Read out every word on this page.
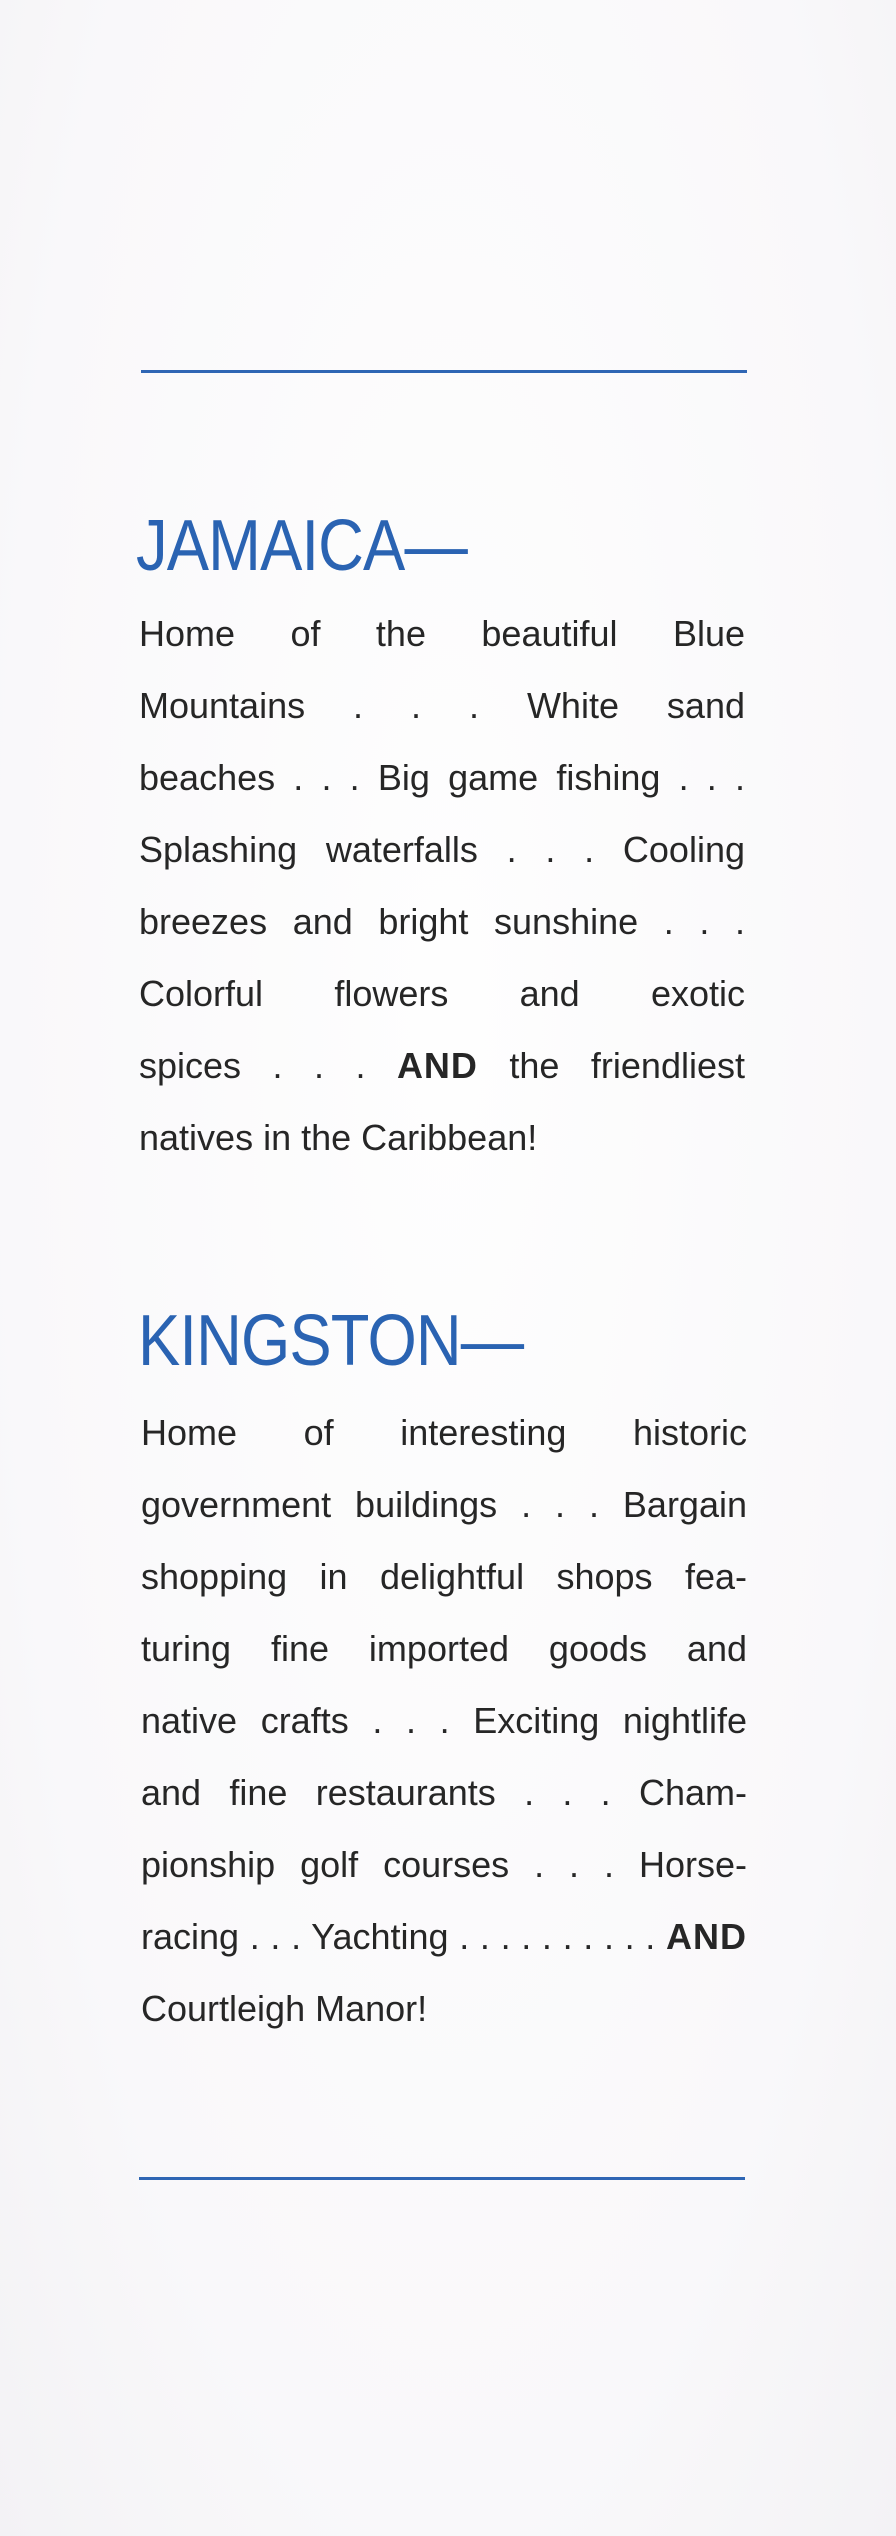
JAMAICA—
Home of the beautiful Blue
Mountains . . . White sand
beaches . . . Big game fishing . . .
Splashing waterfalls . . . Cooling
breezes and bright sunshine . . .
Colorful flowers and exotic
spices . . . AND the friendliest
natives in the Caribbean!
KINGSTON—
Home of interesting historic
government buildings . . . Bargain
shopping in delightful shops fea-
turing fine imported goods and
native crafts . . . Exciting nightlife
and fine restaurants . . . Cham-
pionship golf courses . . . Horse-
racing . . . Yachting . . . . . . . . . . AND
Courtleigh Manor!
